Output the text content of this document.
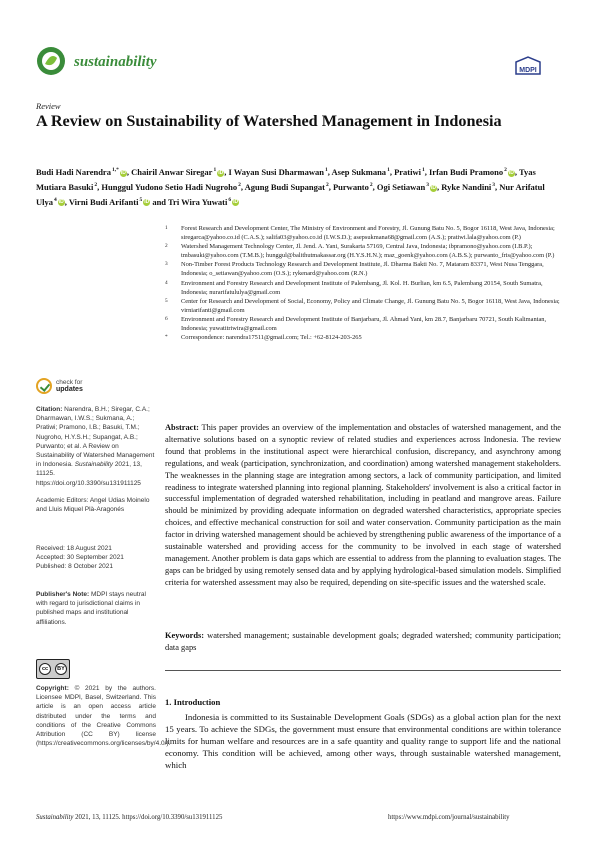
sustainability
MDPI
Review
A Review on Sustainability of Watershed Management in Indonesia
Budi Hadi Narendra$^{1,*}$ iD, Chairil Anwar Siregar$^1$ iD, I Wayan Susi Dharmawan$^1$, Asep Sukmana$^1$, Pratiwi$^1$, Irfan Budi Pramono$^2$ iD, Tyas Mutiara Basuki$^2$, Hunggul Yudono Setio Hadi Nugroho$^2$, Agung Budi Supangat$^2$, Purwanto$^2$, Ogi Setiawan$^3$ iD, Ryke Nandini$^3$, Nur Arifatul Ulya$^4$ iD, Virni Budi Arifanti$^5$ iD and Tri Wira Yuwati$^6$ iD
1	Forest Research and Development Center, The Ministry of Environment and Forestry, Jl. Gunung Batu No. 5, Bogor 16118, West Java, Indonesia; siregarca@yahoo.co.id (C.A.S.); salifa03@yahoo.co.id (I.W.S.D.); asepsukmana68@gmail.com (A.S.); pratiwi.lala@yahoo.com (P.)
2	Watershed Management Technology Center, Jl. Jend. A. Yani, Surakarta 57169, Central Java, Indonesia; ibpramono@yahoo.com (I.B.P.); tmbasuki@yahoo.com (T.M.B.); hunggul@balithutmakassar.org (H.Y.S.H.N.); maz_goenk@yahoo.com (A.B.S.); purwanto_fris@yahoo.com (P.)
3	Non-Timber Forest Products Technology Research and Development Institute, Jl. Dharma Bakti No. 7, Mataram 83371, West Nusa Tenggara, Indonesia; o_setiawan@yahoo.com (O.S.); rykenard@yahoo.com (R.N.)
4	Environment and Forestry Research and Development Institute of Palembang, Jl. Kol. H. Burlian, km 6.5, Palembang 20154, South Sumatra, Indonesia; nurarifatululya@gmail.com
5	Center for Research and Development of Social, Economy, Policy and Climate Change, Jl. Gunung Batu No. 5, Bogor 16118, West Java, Indonesia; virniarifanti@gmail.com
6	Environment and Forestry Research and Development Institute of Banjarbaru, Jl. Ahmad Yani, km 28.7, Banjarbaru 70721, South Kalimantan, Indonesia; yuwatitriwira@gmail.com
*	Correspondence: narendra17511@gmail.com; Tel.: +62-8124-203-265
check for
updates
Citation: Narendra, B.H.; Siregar, C.A.; Dharmawan, I.W.S.; Sukmana, A.; Pratiwi; Pramono, I.B.; Basuki, T.M.; Nugroho, H.Y.S.H.; Supangat, A.B.; Purwanto; et al. A Review on Sustainability of Watershed Management in Indonesia. Sustainability 2021, 13, 11125. https://doi.org/10.3390/su131911125
Academic Editors: Angel Udias Moinelo and Lluis Miquel Plà-Aragonés
Received: 18 August 2021
Accepted: 30 September 2021
Published: 8 October 2021
Publisher's Note: MDPI stays neutral with regard to jurisdictional claims in published maps and institutional affiliations.
cc	BY
Copyright: © 2021 by the authors. Licensee MDPI, Basel, Switzerland. This article is an open access article distributed under the terms and conditions of the Creative Commons Attribution (CC BY) license (https://creativecommons.org/licenses/by/4.0/).
Abstract: This paper provides an overview of the implementation and obstacles of watershed management, and the alternative solutions based on a synoptic review of related studies and experiences across Indonesia. The review found that problems in the institutional aspect were hierarchical confusion, discrepancy, and asynchrony among regulations, and weak (participation, synchronization, and coordination) among watershed management stakeholders. The weaknesses in the planning stage are integration among sectors, a lack of community participation, and limited readiness to integrate watershed planning into regional planning. Stakeholders' involvement is also a critical factor in successful implementation of degraded watershed rehabilitation, including in peatland and mangrove areas. Failure should be minimized by providing adequate information on degraded watershed characteristics, appropriate species choices, and effective mechanical construction for soil and water conservation. Community participation as the main factor in driving watershed management should be achieved by strengthening public awareness of the importance of a sustainable watershed and providing access for the community to be involved in each stage of watershed management. Another problem is data gaps which are essential to address from the planning to evaluation stages. The gaps can be bridged by using remotely sensed data and by applying hydrological-based simulation models. Simplified criteria for watershed assessment may also be required, depending on site-specific issues and the watershed scale.
Keywords: watershed management; sustainable development goals; degraded watershed; community participation; data gaps
1. Introduction

Indonesia is committed to its Sustainable Development Goals (SDGs) as a global action plan for the next 15 years. To achieve the SDGs, the government must ensure that environmental conditions are within tolerance limits for human welfare and resources are in a safe quantity and quality range to support life and the national economy. This condition will be achieved, among other ways, through sustainable watershed management, which

Sustainability 2021, 13, 11125. https://doi.org/10.3390/su131911125	https://www.mdpi.com/journal/sustainability
